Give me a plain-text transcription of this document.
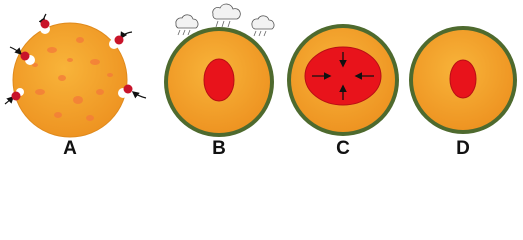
A	B	C	D
